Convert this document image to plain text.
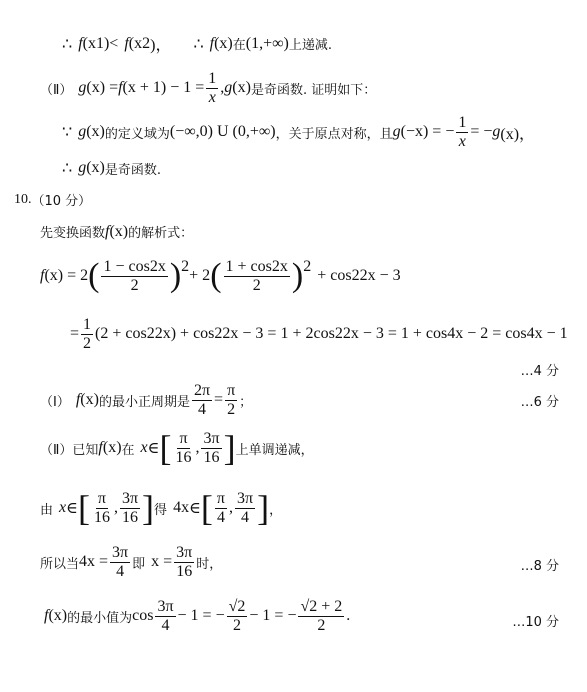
∴ f (x 1 )< f (x 2 )， ∴ f (x) 在 (1,+∞) 上递减.
（Ⅱ） g (x) = f $(x + 1) - 1 = \frac{1}{x}$ , g (x) 是奇函数. 证明如下：
∵ g (x) 的定义域为 (−∞,0) U (0,+∞) ，关于原点对称，且 g (−x) = − $\frac{1}{x}$ = − g (x)，
∴ g (x) 是奇函数.
10. （10 分）
先变换函数 f (x) 的解析式：
f (x) = 2 ( $\frac{1 - \cos 2x}{2}$ ) 2
+ 2 ( $\frac{1 + \cos 2x}{2}$ ) 2
+ cos 2 2x − 3
= $\frac{1}{2} (2 + \cos 2$ 2x) + cos 2 2x − 3 = 1 + 2cos 2 2x − 3 = 1 + cos4x − 2 = cos4x − 1
…4 分
（Ⅰ） f (x) 的最小正周期是 $\frac{2\pi}{4} = \frac{\pi}{2}$ ；	…6 分
（Ⅱ）已知 f (x) 在 x ∈ [ $\frac{\pi}{16}$ , $\frac{3\pi}{16}$ ] 上单调递减，
由 x ∈ [ $\frac{\pi}{16}$ , $\frac{3\pi}{16}$ ] 得 4x ∈ [ $\frac{\pi}{4}$ , $\frac{3\pi}{4}$ ] ，
所以当 $4x = \frac{3\pi}{4}$ 即 $x = \frac{3\pi}{16}$ 时，	…8 分
f (x) 的最小值为 $\cos \frac{3\pi}{4} - 1$ = − $\frac{√2}{2} - 1$ = − $\frac{√2 + 2}{2}$ .	…10 分
